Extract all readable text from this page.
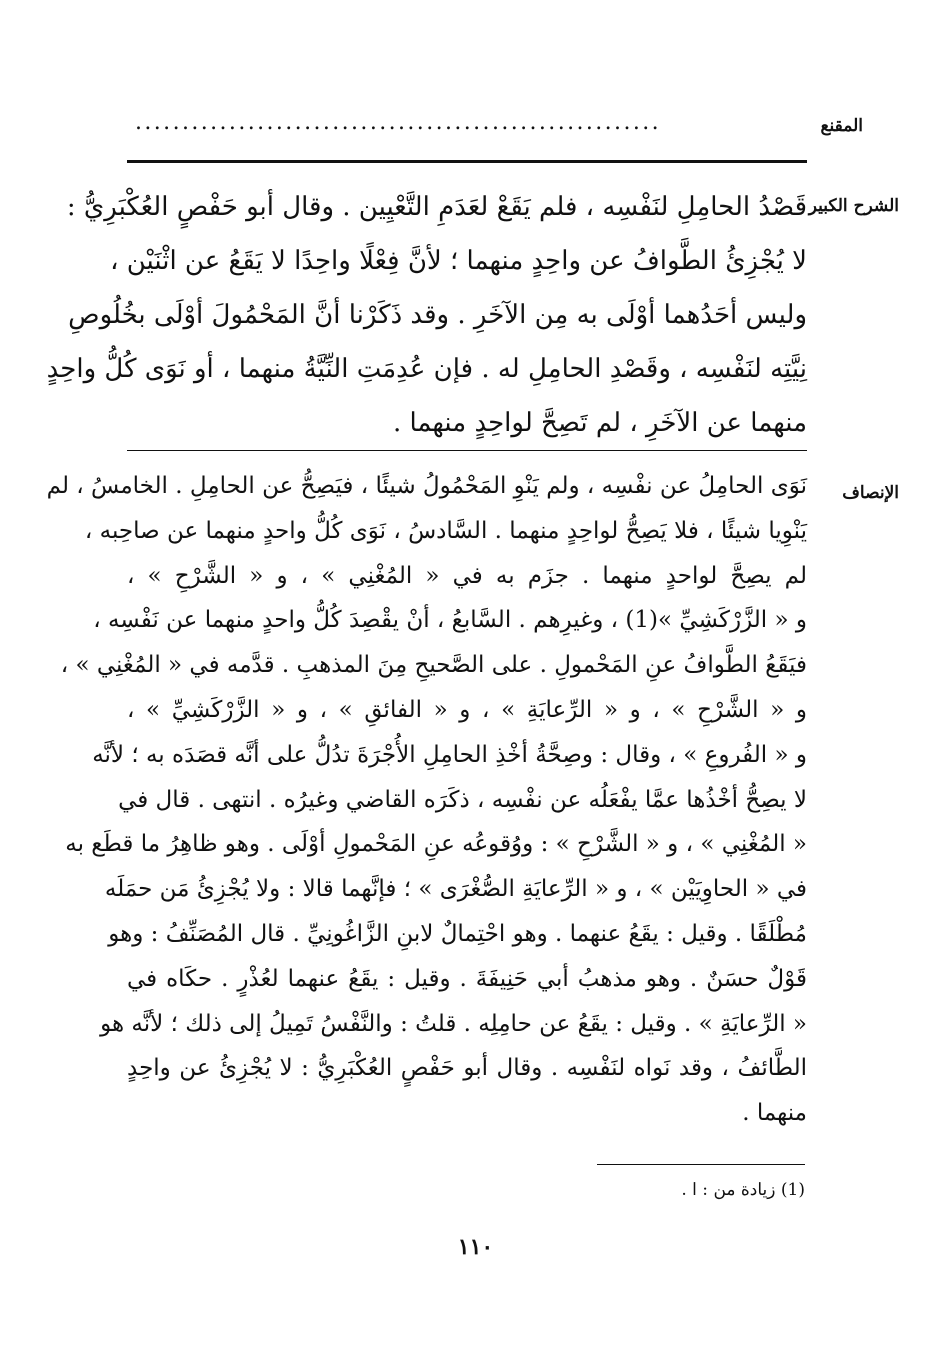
المقنع
........................................................
الشرح الكبير
قَصْدُ الحامِلِ لنَفْسِه ، فلم يَقَعْ لعَدَمِ التَّعْيِين . وقال أبو حَفْصٍ العُكْبَرِيُّ :
لا يُجْزِئُ الطَّوافُ عن واحِدٍ منهما ؛ لأنَّ فِعْلًا واحِدًا لا يَقَعُ عن اثْنَيْن ،
وليس أحَدُهما أوْلَى به مِن الآخَرِ . وقد ذَكَرْنا أنَّ المَحْمُولَ أوْلَى بخُلُوصِ
نِيَّتِه لنَفْسِه ، وقَصْدِ الحامِلِ له . فإن عُدِمَتِ النِّيَّةُ منهما ، أو نَوَى كُلُّ واحِدٍ
منهما عن الآخَرِ ، لم تَصِحَّ لواحِدٍ منهما .
الإنصاف
نَوَى الحامِلُ عن نفْسِه ، ولم يَنْوِ المَحْمُولُ شيئًا ، فيَصِحُّ عن الحامِلِ . الخامسُ ، لم
يَنْوِيا شيئًا ، فلا يَصِحُّ لواحِدٍ منهما . السَّادسُ ، نَوَى كُلُّ واحدٍ منهما عن صاحِبه ،
لم يصِحَّ لواحدٍ منهما . جزَم به في « المُغْنِي » ، و « الشَّرْحِ » ،
و « الزَّرْكَشِيِّ »(1) ، وغيرِهم . السَّابعُ ، أنْ يقْصِدَ كُلُّ واحدٍ منهما عن نَفْسِه ،
فيَقَعُ الطَّوافُ عنِ المَحْمولِ . على الصَّحيحِ مِنَ المذهبِ . قدَّمه في « المُغْنِي » ،
و « الشَّرْحِ » ، و « الرِّعايَةِ » ، و « الفائقِ » ، و « الزَّرْكَشِيِّ » ،
و « الفُروعِ » ، وقال : وصِحَّةُ أخْذِ الحامِلِ الأُجْرَةَ تدُلُّ على أنَّه قصَدَه به ؛ لأنَّه
لا يصِحُّ أخْذُها عمَّا يفْعَلُه عن نفْسِه ، ذكَرَه القاضي وغيرُه . انتهى . قال في
« المُغْنِي » ، و « الشَّرْحِ » : ووُقوعُه عنِ المَحْمولِ أوْلَى . وهو ظاهِرُ ما قطَع به
في « الحاوِيَيْن » ، و « الرِّعايَةِ الصُّغْرَى » ؛ فإنَّهما قالا : ولا يُجْزِئُ مَن حمَلَه
مُطْلَقًا . وقيل : يقَعُ عنهما . وهو احْتِمالٌ لابنِ الزَّاغُونِيِّ . قال المُصَنِّفُ : وهو
قَوْلٌ حسَنٌ . وهو مذهبُ أبي حَنِيفَةَ . وقيل : يقَعُ عنهما لعُذْرٍ . حكَاه في
« الرِّعايَةِ » . وقيل : يقَعُ عن حامِلِه . قلتُ : والنَّفْسُ تَمِيلُ إلى ذلك ؛ لأنَّه هو
الطَّائفُ ، وقد نَواه لنَفْسِه . وقال أبو حَفْصٍ العُكْبَرِيُّ : لا يُجْزِئُ عن واحِدٍ
منهما .
(1) زيادة من : ا .
١١٠
